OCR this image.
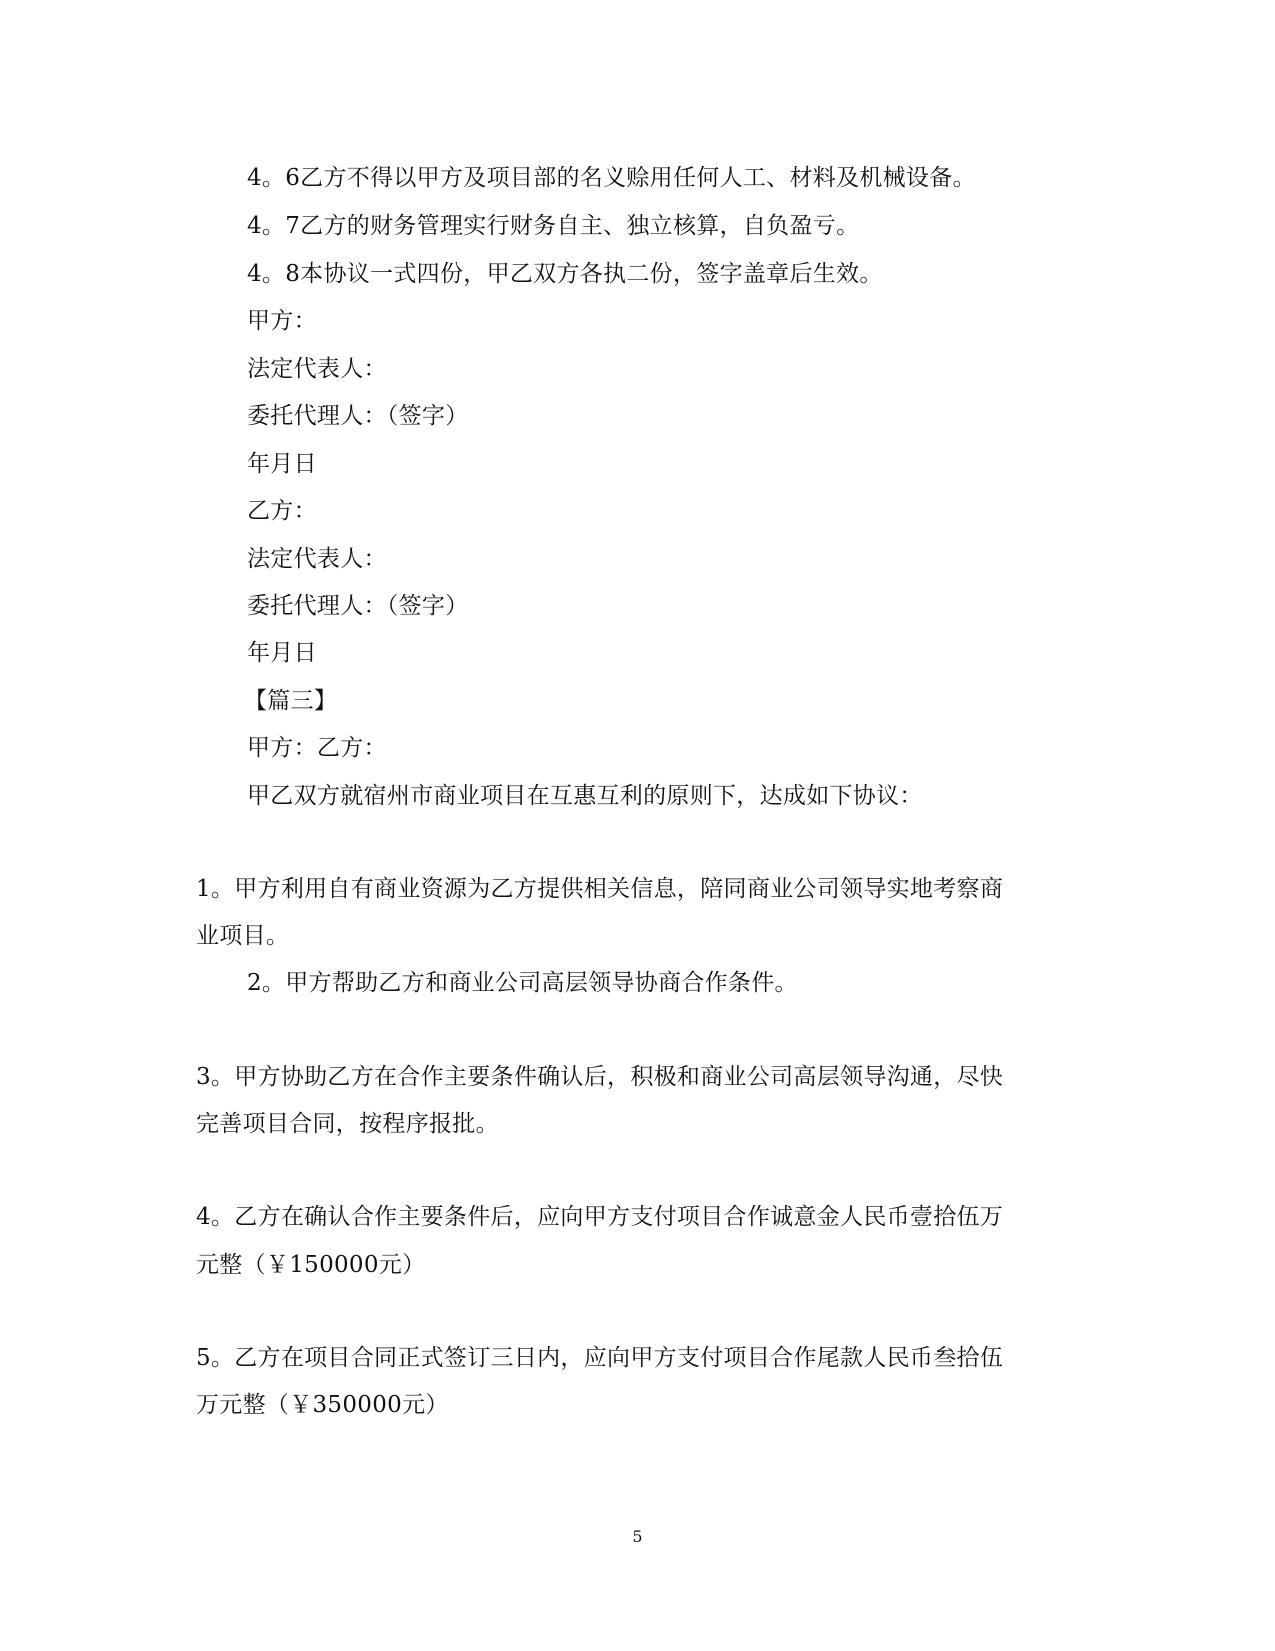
4。6乙方不得以甲方及项目部的名义赊用任何人工、材料及机械设备。
4。7乙方的财务管理实行财务自主、独立核算，自负盈亏。
4。8本协议一式四份，甲乙双方各执二份，签字盖章后生效。
甲方：
法定代表人：
委托代理人：（签字）
年月日
乙方：
法定代表人：
委托代理人：（签字）
年月日
【篇三】
甲方：乙方：
甲乙双方就宿州市商业项目在互惠互利的原则下，达成如下协议：
1。甲方利用自有商业资源为乙方提供相关信息，陪同商业公司领导实地考察商
业项目。
2。甲方帮助乙方和商业公司高层领导协商合作条件。
3。甲方协助乙方在合作主要条件确认后，积极和商业公司高层领导沟通，尽快
完善项目合同，按程序报批。
4。乙方在确认合作主要条件后，应向甲方支付项目合作诚意金人民币壹拾伍万
元整（￥150000元）
5。乙方在项目合同正式签订三日内，应向甲方支付项目合作尾款人民币叁拾伍
万元整（￥350000元）
5
